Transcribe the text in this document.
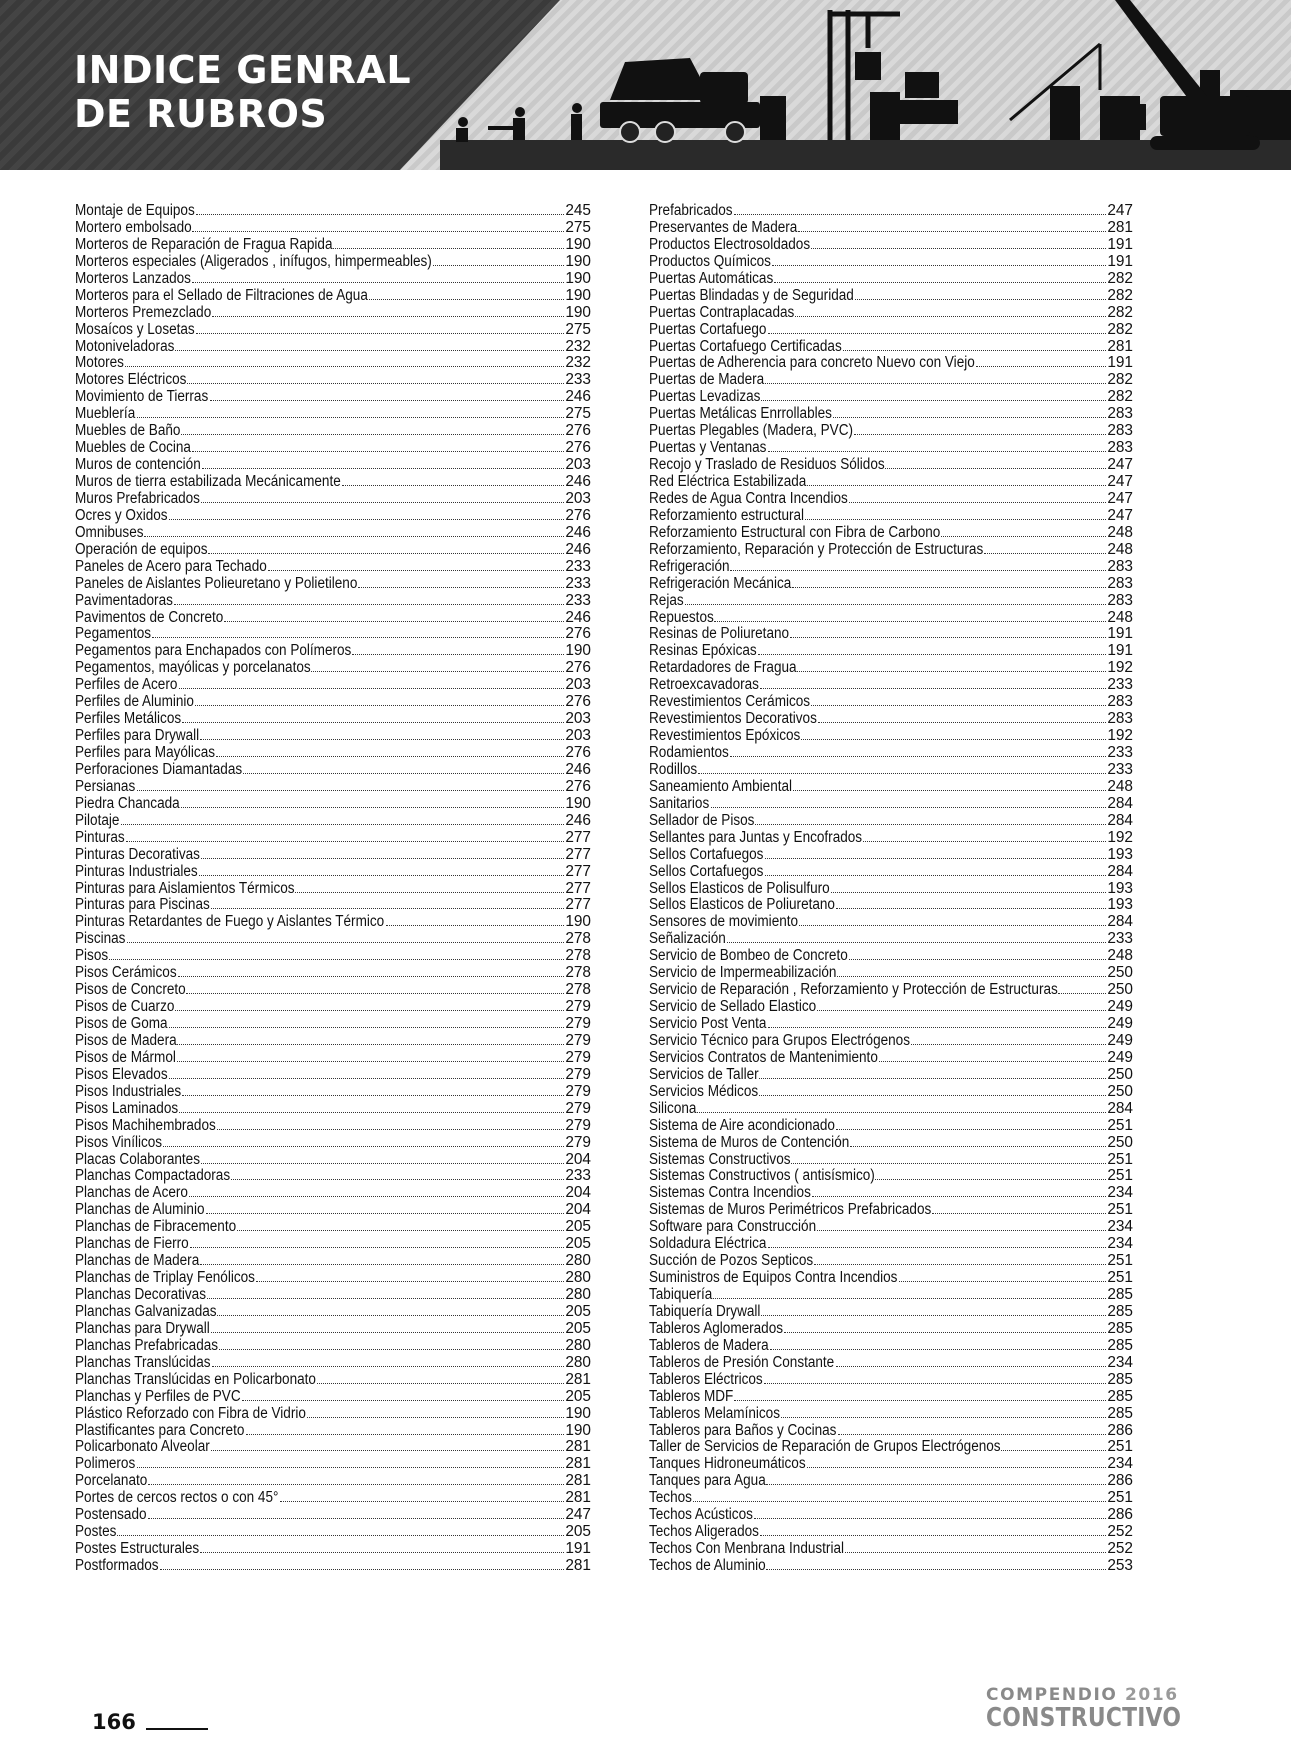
INDICE GENRAL
DE RUBROS
Montaje de Equipos	245
Mortero embolsado	275
Morteros de Reparación de Fragua Rapida	190
Morteros especiales (Aligerados , inífugos, himpermeables)	190
Morteros Lanzados	190
Morteros para el Sellado de Filtraciones de Agua	190
Morteros Premezclado	190
Mosaícos y Losetas	275
Motoniveladoras	232
Motores	232
Motores Eléctricos	233
Movimiento de Tierras	246
Mueblería	275
Muebles de Baño	276
Muebles de Cocina	276
Muros de contención	203
Muros de tierra estabilizada Mecánicamente	246
Muros Prefabricados	203
Ocres y Óxidos	276
Omnibuses	246
Operación de equipos	246
Paneles de Acero para Techado	233
Paneles de Aislantes Polieuretano y Polietileno	233
Pavimentadoras	233
Pavimentos de Concreto	246
Pegamentos	276
Pegamentos para Enchapados con Polímeros	190
Pegamentos, mayólicas y porcelanatos	276
Perfiles de Acero	203
Perfiles de Aluminio	276
Perfiles Metálicos	203
Perfiles para Drywall	203
Perfiles para Mayólicas	276
Perforaciones Diamantadas	246
Persianas	276
Piedra Chancada	190
Pilotaje	246
Pinturas	277
Pinturas Decorativas	277
Pinturas Industriales	277
Pinturas para Aislamientos Térmicos	277
Pinturas para Piscinas	277
Pinturas Retardantes de Fuego y Aislantes Térmico	190
Piscinas	278
Pisos	278
Pisos Cerámicos	278
Pisos de Concreto	278
Pisos de Cuarzo	279
Pisos de Goma	279
Pisos de Madera	279
Pisos de Mármol	279
Pisos Elevados	279
Pisos Industriales	279
Pisos Laminados	279
Pisos Machihembrados	279
Pisos Vinílicos	279
Placas Colaborantes	204
Planchas Compactadoras	233
Planchas de Acero	204
Planchas de Aluminio	204
Planchas de Fibracemento	205
Planchas de Fierro	205
Planchas de Madera	280
Planchas de Triplay Fenólicos	280
Planchas Decorativas	280
Planchas Galvanizadas	205
Planchas para Drywall	205
Planchas Prefabricadas	280
Planchas Translúcidas	280
Planchas Translúcidas en Policarbonato	281
Planchas y Perfiles de PVC	205
Plástico Reforzado con Fibra de Vidrio	190
Plastificantes para Concreto	190
Policarbonato Alveolar	281
Polimeros	281
Porcelanato	281
Portes de cercos rectos o con 45°	281
Postensado	247
Postes	205
Postes Estructurales	191
Postformados	281
Prefabricados	247
Preservantes de Madera	281
Productos Electrosoldados	191
Productos Químicos	191
Puertas Automáticas	282
Puertas Blindadas y de Seguridad	282
Puertas Contraplacadas	282
Puertas Cortafuego	282
Puertas Cortafuego Certificadas	281
Puertas de Adherencia para concreto Nuevo con Viejo	191
Puertas de Madera	282
Puertas Levadizas	282
Puertas Metálicas Enrrollables	283
Puertas Plegables (Madera, PVC)	283
Puertas y Ventanas	283
Recojo y Traslado de Residuos Sólidos	247
Red Eléctrica Estabilizada	247
Redes de Agua Contra Incendios	247
Reforzamiento estructural	247
Reforzamiento Estructural con Fibra de Carbono	248
Reforzamiento, Reparación y Protección de Estructuras	248
Refrigeración	283
Refrigeración Mecánica	283
Rejas	283
Repuestos	248
Resinas de Poliuretano	191
Resinas Epóxicas	191
Retardadores de Fragua	192
Retroexcavadoras	233
Revestimientos Cerámicos	283
Revestimientos Decorativos	283
Revestimientos Epóxicos	192
Rodamientos	233
Rodillos	233
Saneamiento Ambiental	248
Sanitarios	284
Sellador de Pisos	284
Sellantes para Juntas y Encofrados	192
Sellos Cortafuegos	193
Sellos Cortafuegos	284
Sellos Elasticos de Polisulfuro	193
Sellos Elasticos de Poliuretano	193
Sensores de movimiento	284
Señalización	233
Servicio de Bombeo de Concreto	248
Servicio de Impermeabilización	250
Servicio de Reparación , Reforzamiento y Protección de Estructuras	250
Servicio de Sellado Elastico	249
Servicio Post Venta	249
Servicio Técnico para Grupos Electrógenos	249
Servicios Contratos de Mantenimiento	249
Servicios de Taller	250
Servicios Médicos	250
Silicona	284
Sistema de Aire acondicionado	251
Sistema de Muros de Contención	250
Sistemas Constructivos	251
Sistemas Constructivos ( antisísmico)	251
Sistemas Contra Incendios	234
Sistemas de Muros Perimétricos Prefabricados	251
Software para Construcción	234
Soldadura Eléctrica	234
Succión de Pozos Septicos	251
Suministros de Equipos Contra Incendios	251
Tabiquería	285
Tabiquería Drywall	285
Tableros Aglomerados	285
Tableros de Madera	285
Tableros de Presión Constante	234
Tableros Eléctricos	285
Tableros MDF	285
Tableros Melamínicos	285
Tableros para Baños y Cocinas	286
Taller de Servicios de Reparación de Grupos Electrógenos	251
Tanques Hidroneumáticos	234
Tanques para Agua	286
Techos	251
Techos Acústicos	286
Techos Aligerados	252
Techos Con Menbrana Industrial	252
Techos de Aluminio	253
166
COMPENDIO 2016
CONSTRUCTIVO
